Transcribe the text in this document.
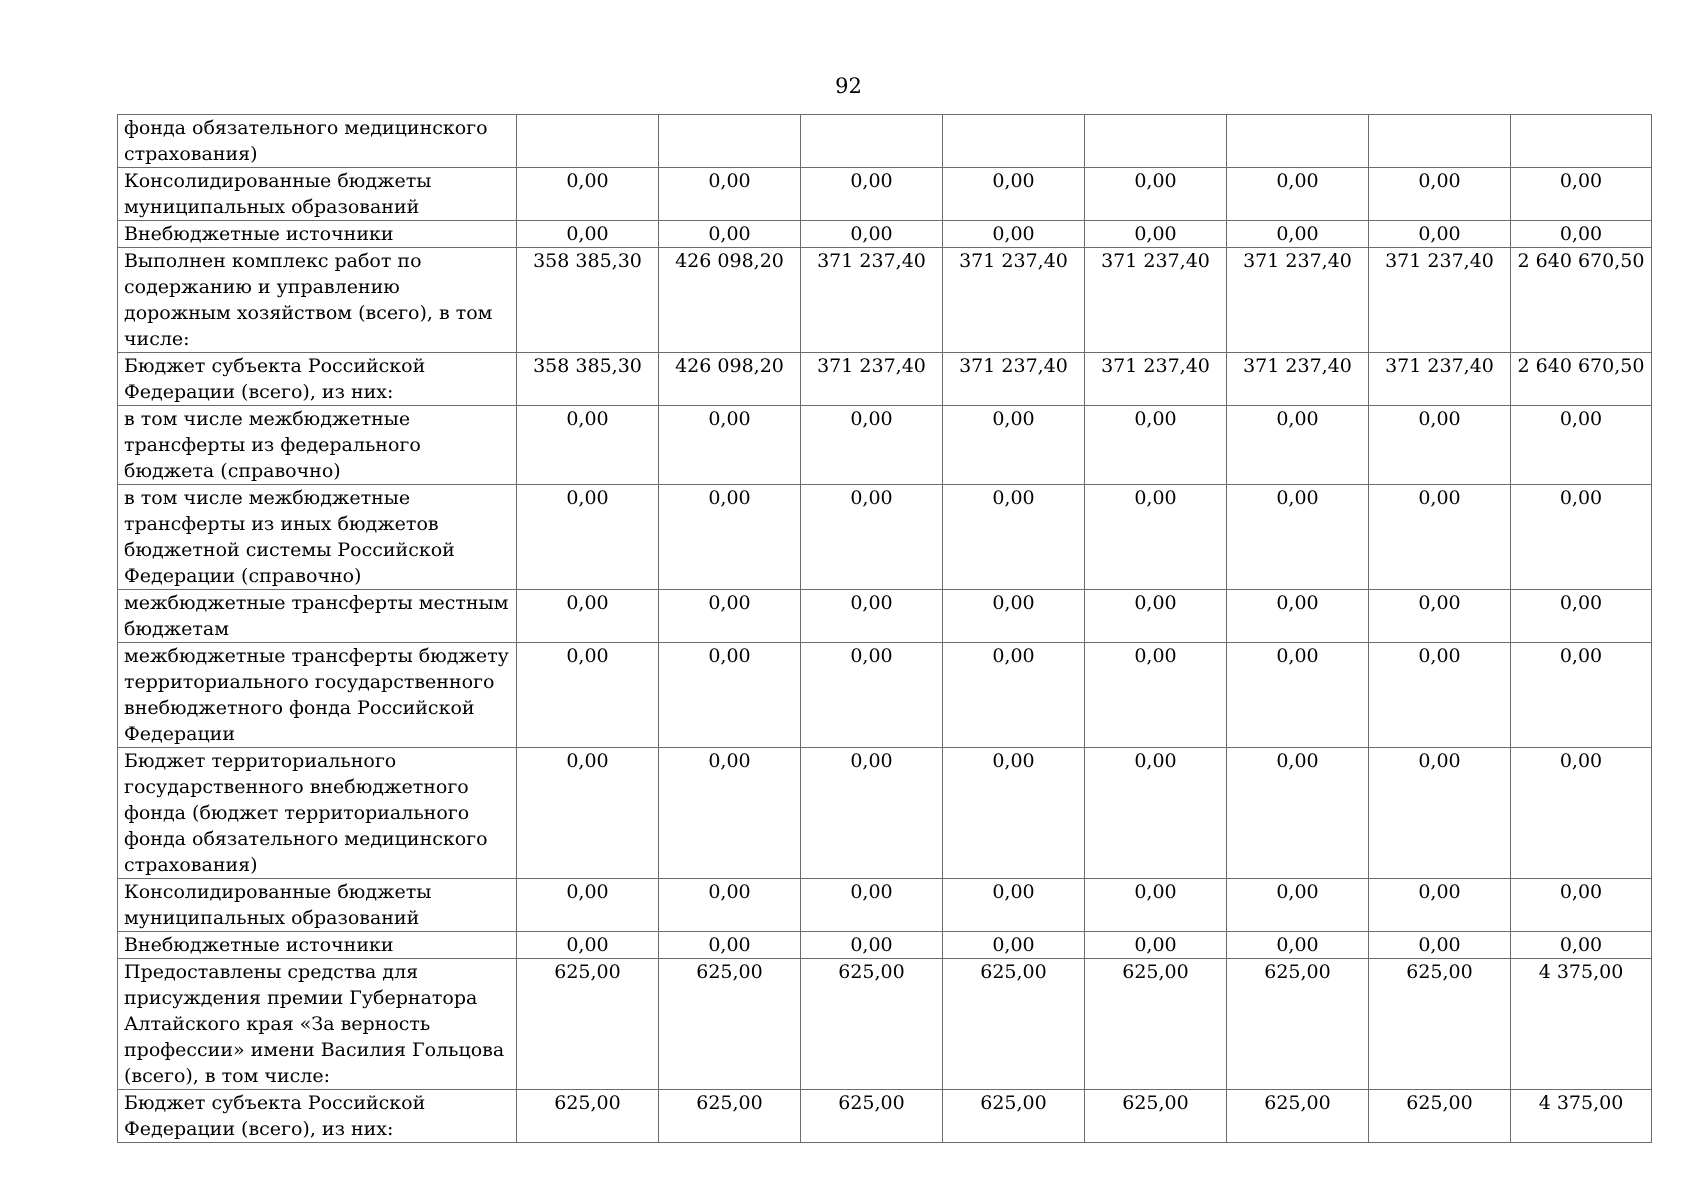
92
фонда обязательного медицинского страхования)								
Консолидированные бюджеты муниципальных образований	0,00	0,00	0,00	0,00	0,00	0,00	0,00	0,00
Внебюджетные источники	0,00	0,00	0,00	0,00	0,00	0,00	0,00	0,00
Выполнен комплекс работ по содержанию и управлению дорожным хозяйством (всего), в том числе:	358 385,30	426 098,20	371 237,40	371 237,40	371 237,40	371 237,40	371 237,40	2 640 670,50
Бюджет субъекта Российской Федерации (всего), из них:	358 385,30	426 098,20	371 237,40	371 237,40	371 237,40	371 237,40	371 237,40	2 640 670,50
в том числе межбюджетные трансферты из федерального бюджета (справочно)	0,00	0,00	0,00	0,00	0,00	0,00	0,00	0,00
в том числе межбюджетные трансферты из иных бюджетов бюджетной системы Российской Федерации (справочно)	0,00	0,00	0,00	0,00	0,00	0,00	0,00	0,00
межбюджетные трансферты местным бюджетам	0,00	0,00	0,00	0,00	0,00	0,00	0,00	0,00
межбюджетные трансферты бюджету территориального государственного внебюджетного фонда Российской Федерации	0,00	0,00	0,00	0,00	0,00	0,00	0,00	0,00
Бюджет территориального государственного внебюджетного фонда (бюджет территориального фонда обязательного медицинского страхования)	0,00	0,00	0,00	0,00	0,00	0,00	0,00	0,00
Консолидированные бюджеты муниципальных образований	0,00	0,00	0,00	0,00	0,00	0,00	0,00	0,00
Внебюджетные источники	0,00	0,00	0,00	0,00	0,00	0,00	0,00	0,00
Предоставлены средства для присуждения премии Губернатора Алтайского края «За верность профессии» имени Василия Гольцова (всего), в том числе:	625,00	625,00	625,00	625,00	625,00	625,00	625,00	4 375,00
Бюджет субъекта Российской Федерации (всего), из них:	625,00	625,00	625,00	625,00	625,00	625,00	625,00	4 375,00
